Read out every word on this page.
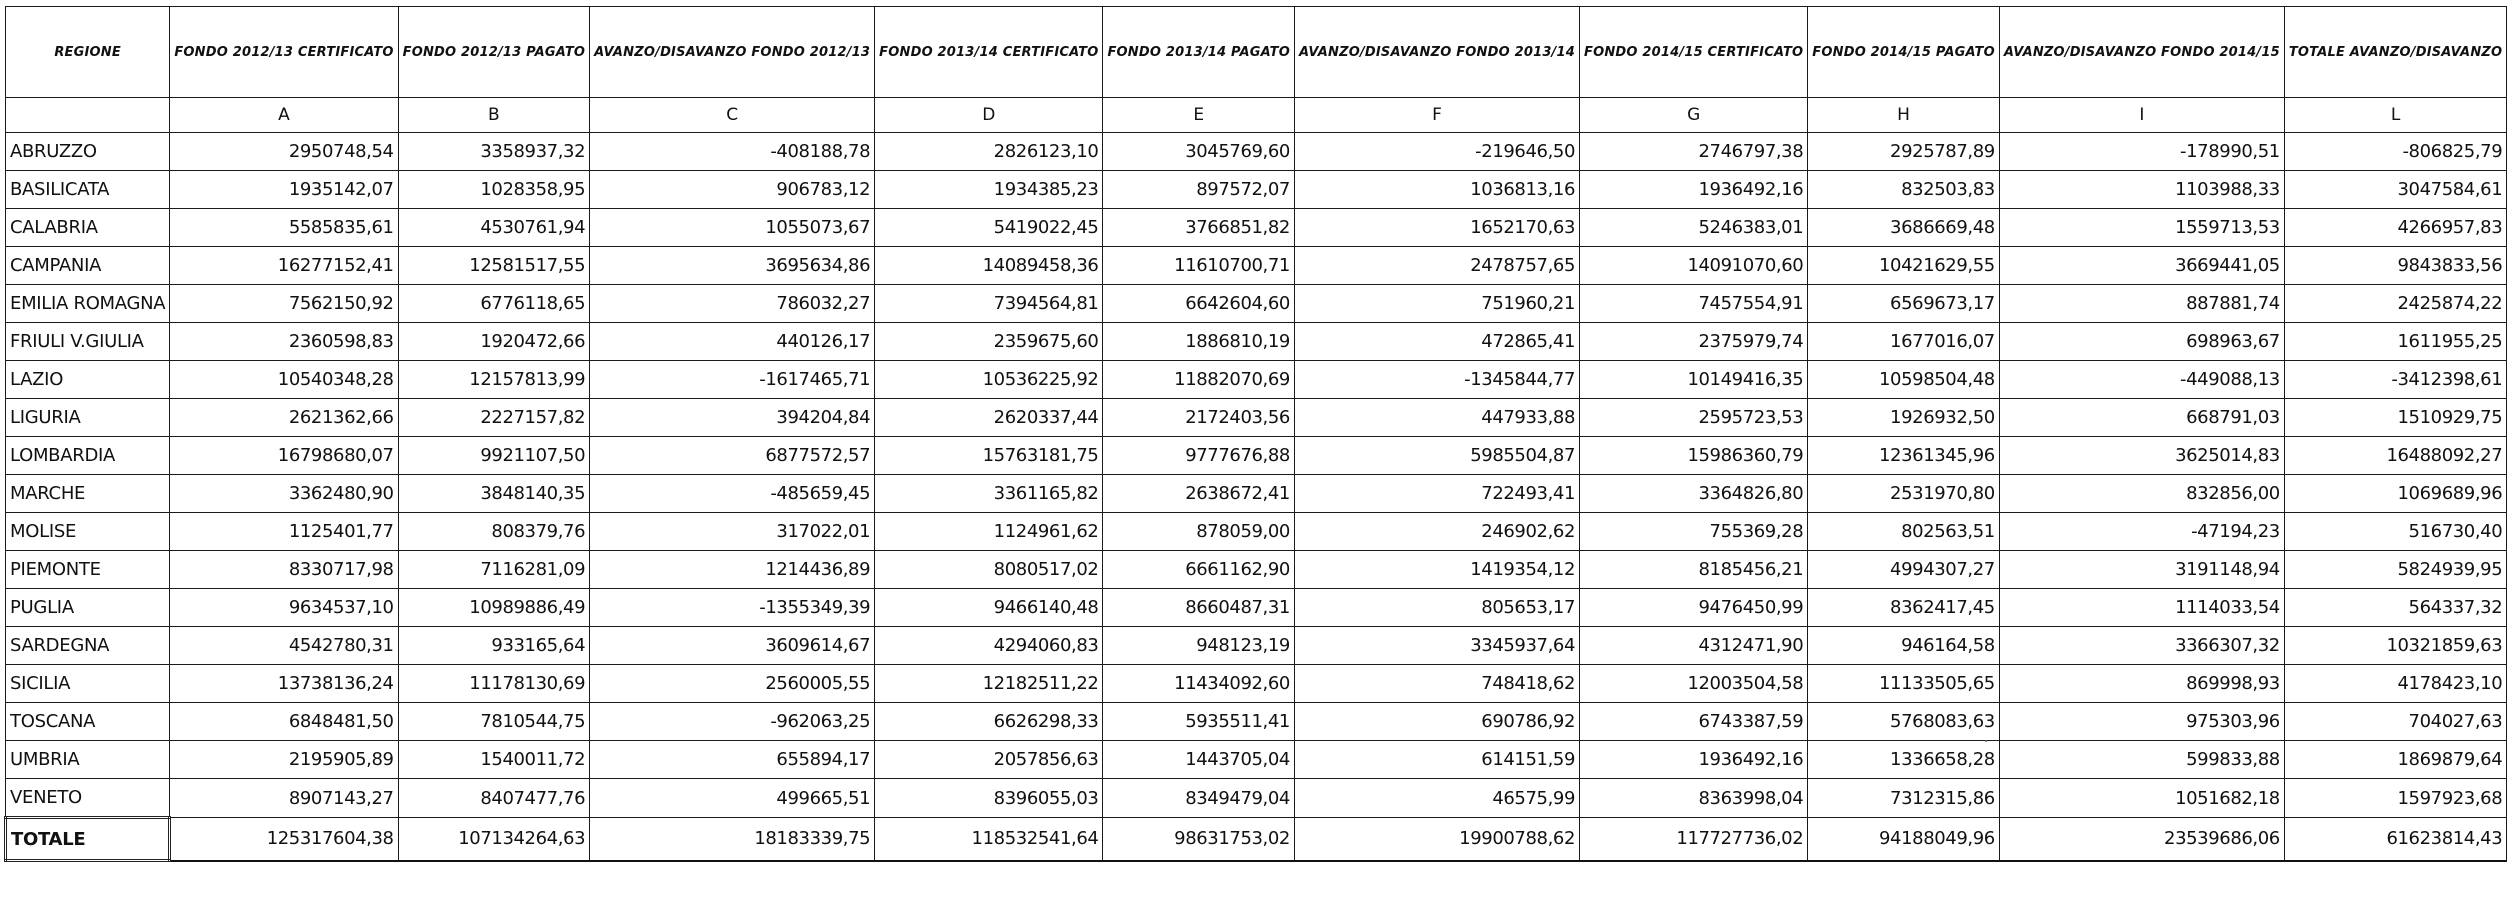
REGIONE	FONDO 2012/13 CERTIFICATO	FONDO 2012/13 PAGATO	AVANZO/DISAVANZO FONDO 2012/13	FONDO 2013/14 CERTIFICATO	FONDO 2013/14 PAGATO	AVANZO/DISAVANZO FONDO 2013/14	FONDO 2014/15 CERTIFICATO	FONDO 2014/15 PAGATO	AVANZO/DISAVANZO FONDO 2014/15	TOTALE AVANZO/DISAVANZO
	A	B	C	D	E	F	G	H	I	L
ABRUZZO	2950748,54	3358937,32	-408188,78	2826123,10	3045769,60	-219646,50	2746797,38	2925787,89	-178990,51	-806825,79
BASILICATA	1935142,07	1028358,95	906783,12	1934385,23	897572,07	1036813,16	1936492,16	832503,83	1103988,33	3047584,61
CALABRIA	5585835,61	4530761,94	1055073,67	5419022,45	3766851,82	1652170,63	5246383,01	3686669,48	1559713,53	4266957,83
CAMPANIA	16277152,41	12581517,55	3695634,86	14089458,36	11610700,71	2478757,65	14091070,60	10421629,55	3669441,05	9843833,56
EMILIA ROMAGNA	7562150,92	6776118,65	786032,27	7394564,81	6642604,60	751960,21	7457554,91	6569673,17	887881,74	2425874,22
FRIULI V.GIULIA	2360598,83	1920472,66	440126,17	2359675,60	1886810,19	472865,41	2375979,74	1677016,07	698963,67	1611955,25
LAZIO	10540348,28	12157813,99	-1617465,71	10536225,92	11882070,69	-1345844,77	10149416,35	10598504,48	-449088,13	-3412398,61
LIGURIA	2621362,66	2227157,82	394204,84	2620337,44	2172403,56	447933,88	2595723,53	1926932,50	668791,03	1510929,75
LOMBARDIA	16798680,07	9921107,50	6877572,57	15763181,75	9777676,88	5985504,87	15986360,79	12361345,96	3625014,83	16488092,27
MARCHE	3362480,90	3848140,35	-485659,45	3361165,82	2638672,41	722493,41	3364826,80	2531970,80	832856,00	1069689,96
MOLISE	1125401,77	808379,76	317022,01	1124961,62	878059,00	246902,62	755369,28	802563,51	-47194,23	516730,40
PIEMONTE	8330717,98	7116281,09	1214436,89	8080517,02	6661162,90	1419354,12	8185456,21	4994307,27	3191148,94	5824939,95
PUGLIA	9634537,10	10989886,49	-1355349,39	9466140,48	8660487,31	805653,17	9476450,99	8362417,45	1114033,54	564337,32
SARDEGNA	4542780,31	933165,64	3609614,67	4294060,83	948123,19	3345937,64	4312471,90	946164,58	3366307,32	10321859,63
SICILIA	13738136,24	11178130,69	2560005,55	12182511,22	11434092,60	748418,62	12003504,58	11133505,65	869998,93	4178423,10
TOSCANA	6848481,50	7810544,75	-962063,25	6626298,33	5935511,41	690786,92	6743387,59	5768083,63	975303,96	704027,63
UMBRIA	2195905,89	1540011,72	655894,17	2057856,63	1443705,04	614151,59	1936492,16	1336658,28	599833,88	1869879,64
VENETO	8907143,27	8407477,76	499665,51	8396055,03	8349479,04	46575,99	8363998,04	7312315,86	1051682,18	1597923,68
TOTALE	125317604,38	107134264,63	18183339,75	118532541,64	98631753,02	19900788,62	117727736,02	94188049,96	23539686,06	61623814,43
